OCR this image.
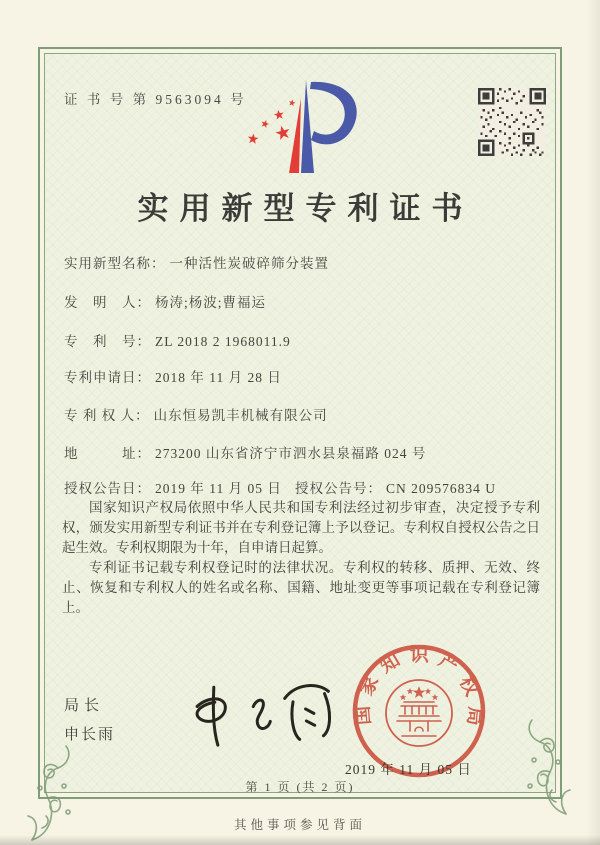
证 书 号 第 9563094 号
实用新型专利证书
实用新型名称： 一种活性炭破碎筛分装置
发　明　人： 杨涛;杨波;曹福运
专　利　号： ZL 2018 2 1968011.9
专利申请日： 2018 年 11 月 28 日
专 利 权 人： 山东恒易凯丰机械有限公司
地　　　址： 273200 山东省济宁市泗水县泉福路 024 号
授权公告日： 2019 年 11 月 05 日 授权公告号： CN 209576834 U

国家知识产权局依照中华人民共和国专利法经过初步审查，决定授予专利权，颁发实用新型专利证书并在专利登记簿上予以登记。专利权自授权公告之日起生效。专利权期限为十年，自申请日起算。

专利证书记载专利权登记时的法律状况。专利权的转移、质押、无效、终止、恢复和专利权人的姓名或名称、国籍、地址变更等事项记载在专利登记簿上。

局长
申长雨
国家知识产权局
2019 年 11 月 05 日
第 1 页 (共 2 页)
其他事项参见背面
